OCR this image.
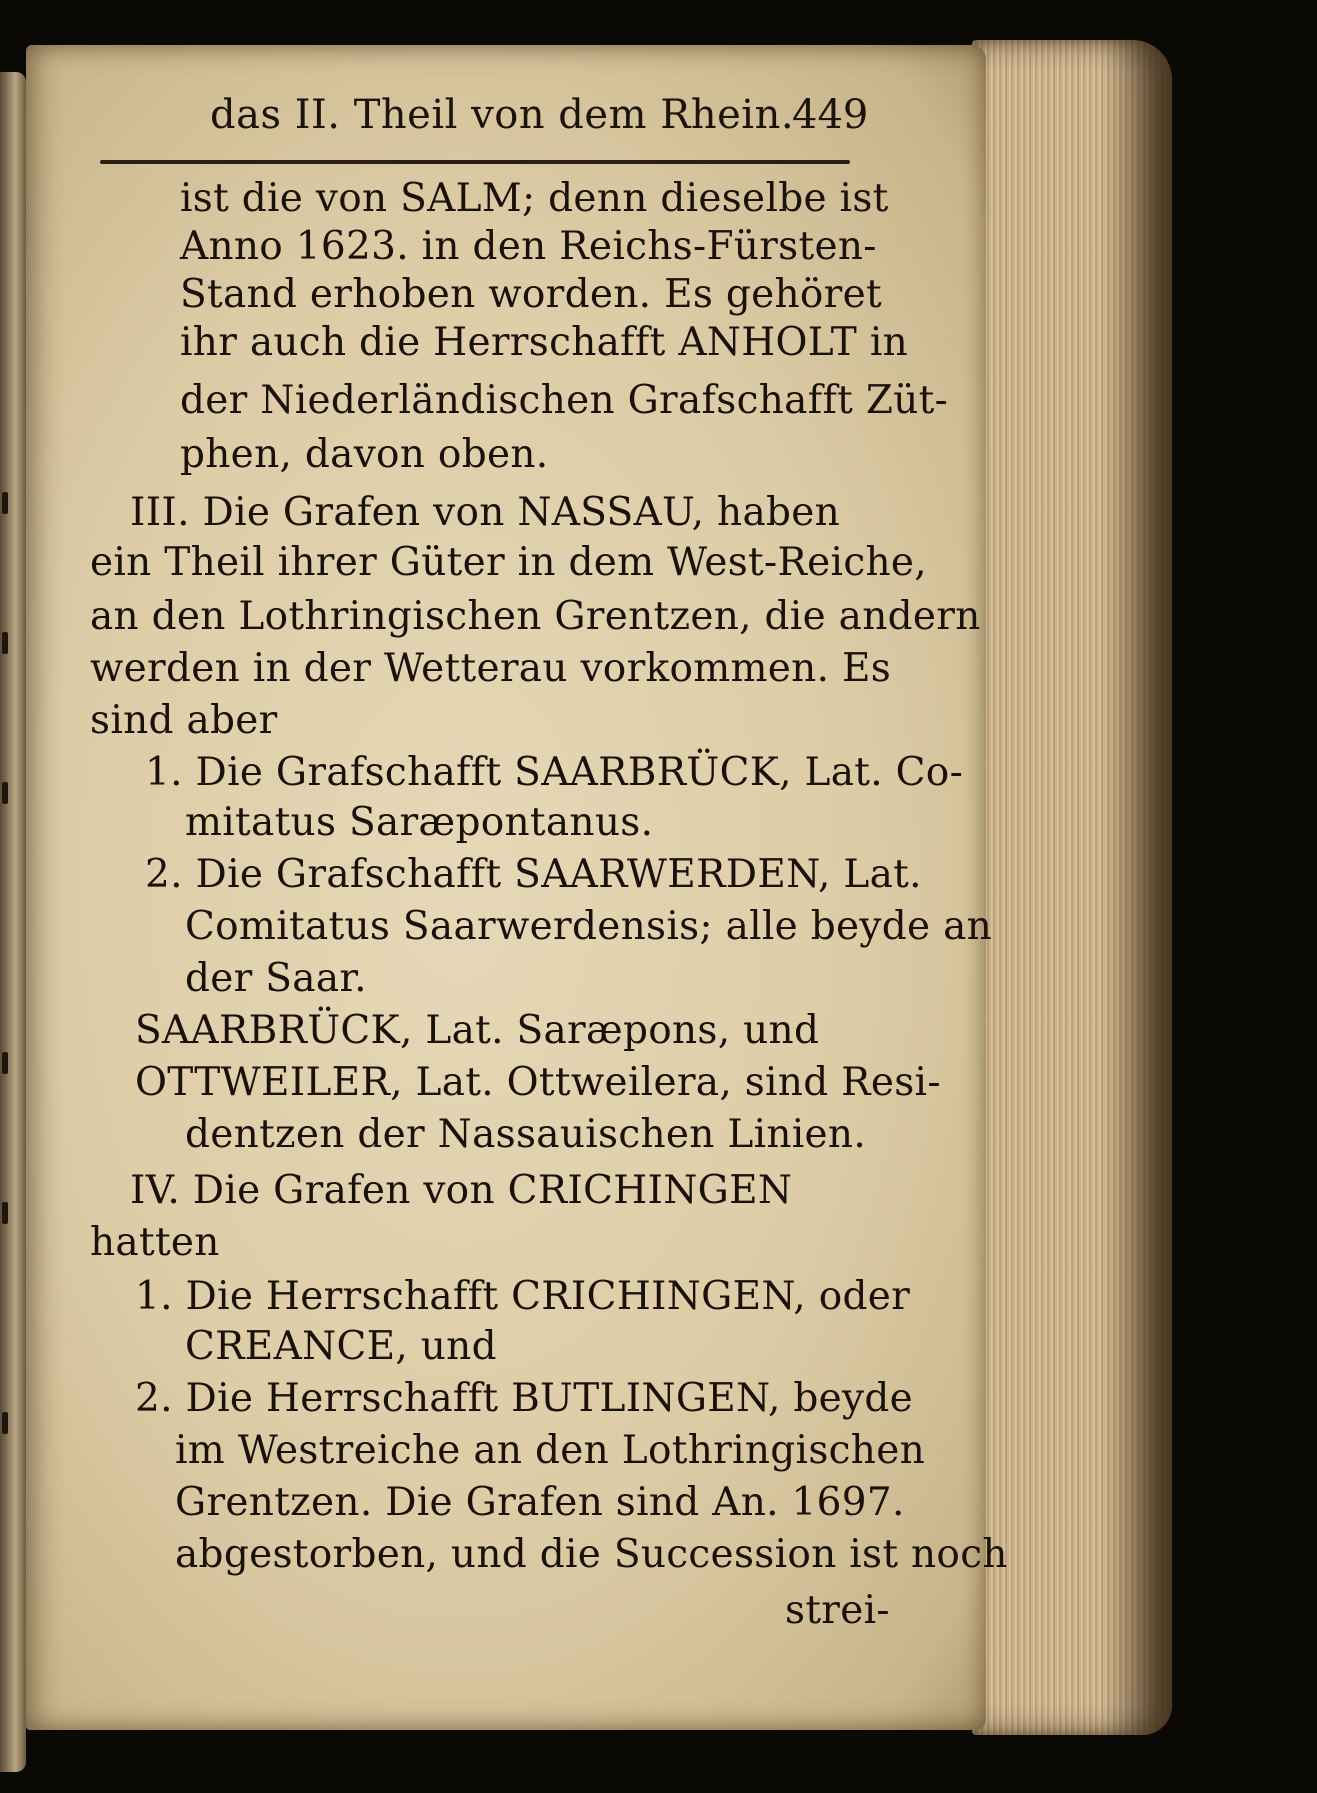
das II. Theil von dem Rhein.
449
ist die von SALM; denn dieselbe ist
Anno 1623. in den Reichs-Fürsten-
Stand erhoben worden. Es gehöret
ihr auch die Herrschafft ANHOLT in
der Niederländischen Grafschafft Züt-
phen, davon oben.
III. Die Grafen von NASSAU, haben
ein Theil ihrer Güter in dem West-Reiche,
an den Lothringischen Grentzen, die andern
werden in der Wetterau vorkommen. Es
sind aber
1. Die Grafschafft SAARBRÜCK, Lat. Co-
mitatus Saræpontanus.
2. Die Grafschafft SAARWERDEN, Lat.
Comitatus Saarwerdensis; alle beyde an
der Saar.
SAARBRÜCK, Lat. Saræpons, und
OTTWEILER, Lat. Ottweilera, sind Resi-
dentzen der Nassauischen Linien.
IV. Die Grafen von CRICHINGEN
hatten
1. Die Herrschafft CRICHINGEN, oder
CREANCE, und
2. Die Herrschafft BUTLINGEN, beyde
im Westreiche an den Lothringischen
Grentzen. Die Grafen sind An. 1697.
abgestorben, und die Succession ist noch
strei-
